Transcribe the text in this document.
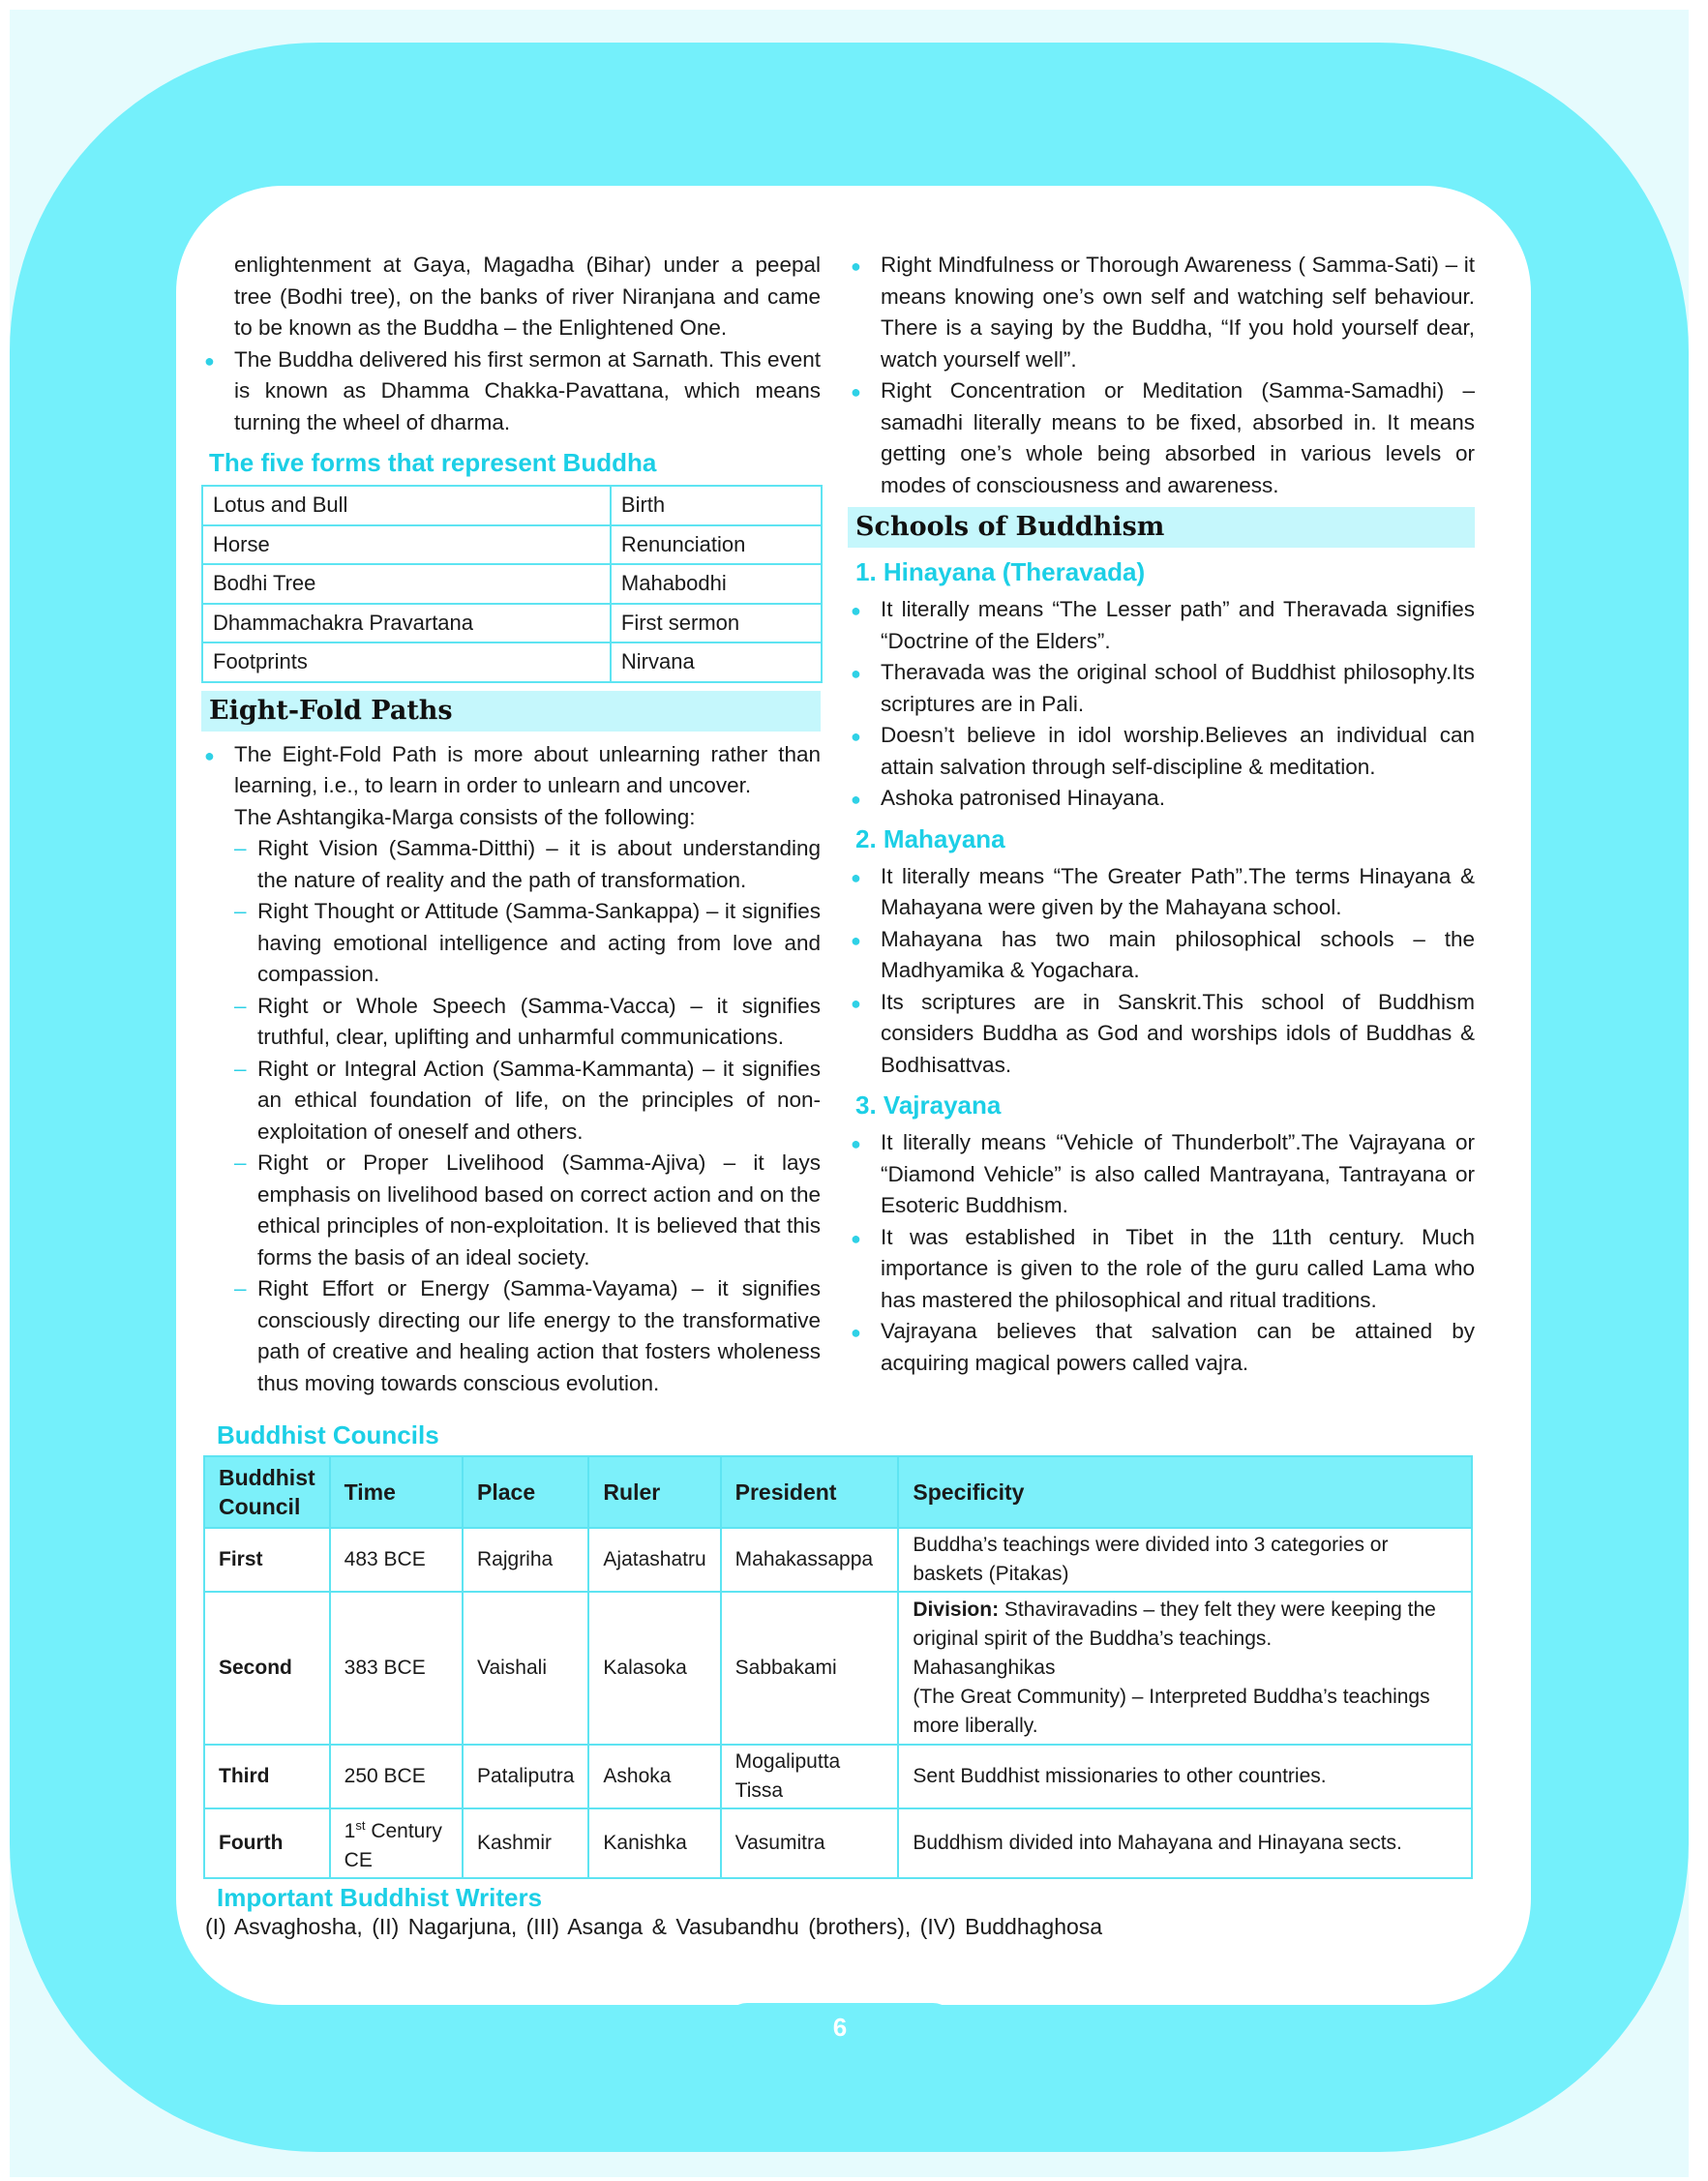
enlightenment at Gaya, Magadha (Bihar) under a peepal tree (Bodhi tree), on the banks of river Niranjana and came to be known as the Buddha – the Enlightened One.

● The Buddha delivered his first sermon at Sarnath. This event is known as Dhamma Chakka-Pavattana, which means turning the wheel of dharma.

The five forms that represent Buddha
Lotus and Bull	Birth
Horse	Renunciation
Bodhi Tree	Mahabodhi
Dhammachakra Pravartana	First sermon
Footprints	Nirvana
Eight-Fold Paths

● The Eight-Fold Path is more about unlearning rather than learning, i.e., to learn in order to unlearn and uncover.

The Ashtangika-Marga consists of the following:

– Right Vision (Samma-Ditthi) – it is about understanding the nature of reality and the path of transformation.

– Right Thought or Attitude (Samma-Sankappa) – it signifies having emotional intelligence and acting from love and compassion.

– Right or Whole Speech (Samma-Vacca) – it signifies truthful, clear, uplifting and unharmful communications.

– Right or Integral Action (Samma-Kammanta) – it signifies an ethical foundation of life, on the principles of non-exploitation of oneself and others.

– Right or Proper Livelihood (Samma-Ajiva) – it lays emphasis on livelihood based on correct action and on the ethical principles of non-exploitation. It is believed that this forms the basis of an ideal society.

– Right Effort or Energy (Samma-Vayama) – it signifies consciously directing our life energy to the transformative path of creative and healing action that fosters wholeness thus moving towards conscious evolution.

● Right Mindfulness or Thorough Awareness ( Samma-Sati) – it means knowing one’s own self and watching self behaviour. There is a saying by the Buddha, “If you hold yourself dear, watch yourself well”.

● Right Concentration or Meditation (Samma-Samadhi) – samadhi literally means to be fixed, absorbed in. It means getting one’s whole being absorbed in various levels or modes of consciousness and awareness.

Schools of Buddhism
1. Hinayana (Theravada)

● It literally means “The Lesser path” and Theravada signifies “Doctrine of the Elders”.

● Theravada was the original school of Buddhist philosophy.Its scriptures are in Pali.

● Doesn’t believe in idol worship.Believes an individual can attain salvation through self-discipline & meditation.

● Ashoka patronised Hinayana.

2. Mahayana

● It literally means “The Greater Path”.The terms Hinayana & Mahayana were given by the Mahayana school.

● Mahayana has two main philosophical schools – the Madhyamika & Yogachara.

● Its scriptures are in Sanskrit.This school of Buddhism considers Buddha as God and worships idols of Buddhas & Bodhisattvas.

3. Vajrayana

● It literally means “Vehicle of Thunderbolt”.The Vajrayana or “Diamond Vehicle” is also called Mantrayana, Tantrayana or Esoteric Buddhism.

● It was established in Tibet in the 11th century. Much importance is given to the role of the guru called Lama who has mastered the philosophical and ritual traditions.

● Vajrayana believes that salvation can be attained by acquiring magical powers called vajra.

Buddhist Councils
Buddhist Council	Time	Place	Ruler	President	Specificity
First	483 BCE	Rajgriha	Ajatashatru	Mahakassappa	Buddha’s teachings were divided into 3 categories or baskets (Pitakas)
Second	383 BCE	Vaishali	Kalasoka	Sabbakami	Division: Sthaviravadins – they felt they were keeping the original spirit of the Buddha’s teachings.
Mahasanghikas
(The Great Community) – Interpreted Buddha’s teachings more liberally.
Third	250 BCE	Pataliputra	Ashoka	Mogaliputta Tissa	Sent Buddhist missionaries to other countries.
Fourth	1st Century CE	Kashmir	Kanishka	Vasumitra	Buddhism divided into Mahayana and Hinayana sects.
Important Buddhist Writers
(I) Asvaghosha, (II) Nagarjuna, (III) Asanga & Vasubandhu (brothers), (IV) Buddhaghosa
6
